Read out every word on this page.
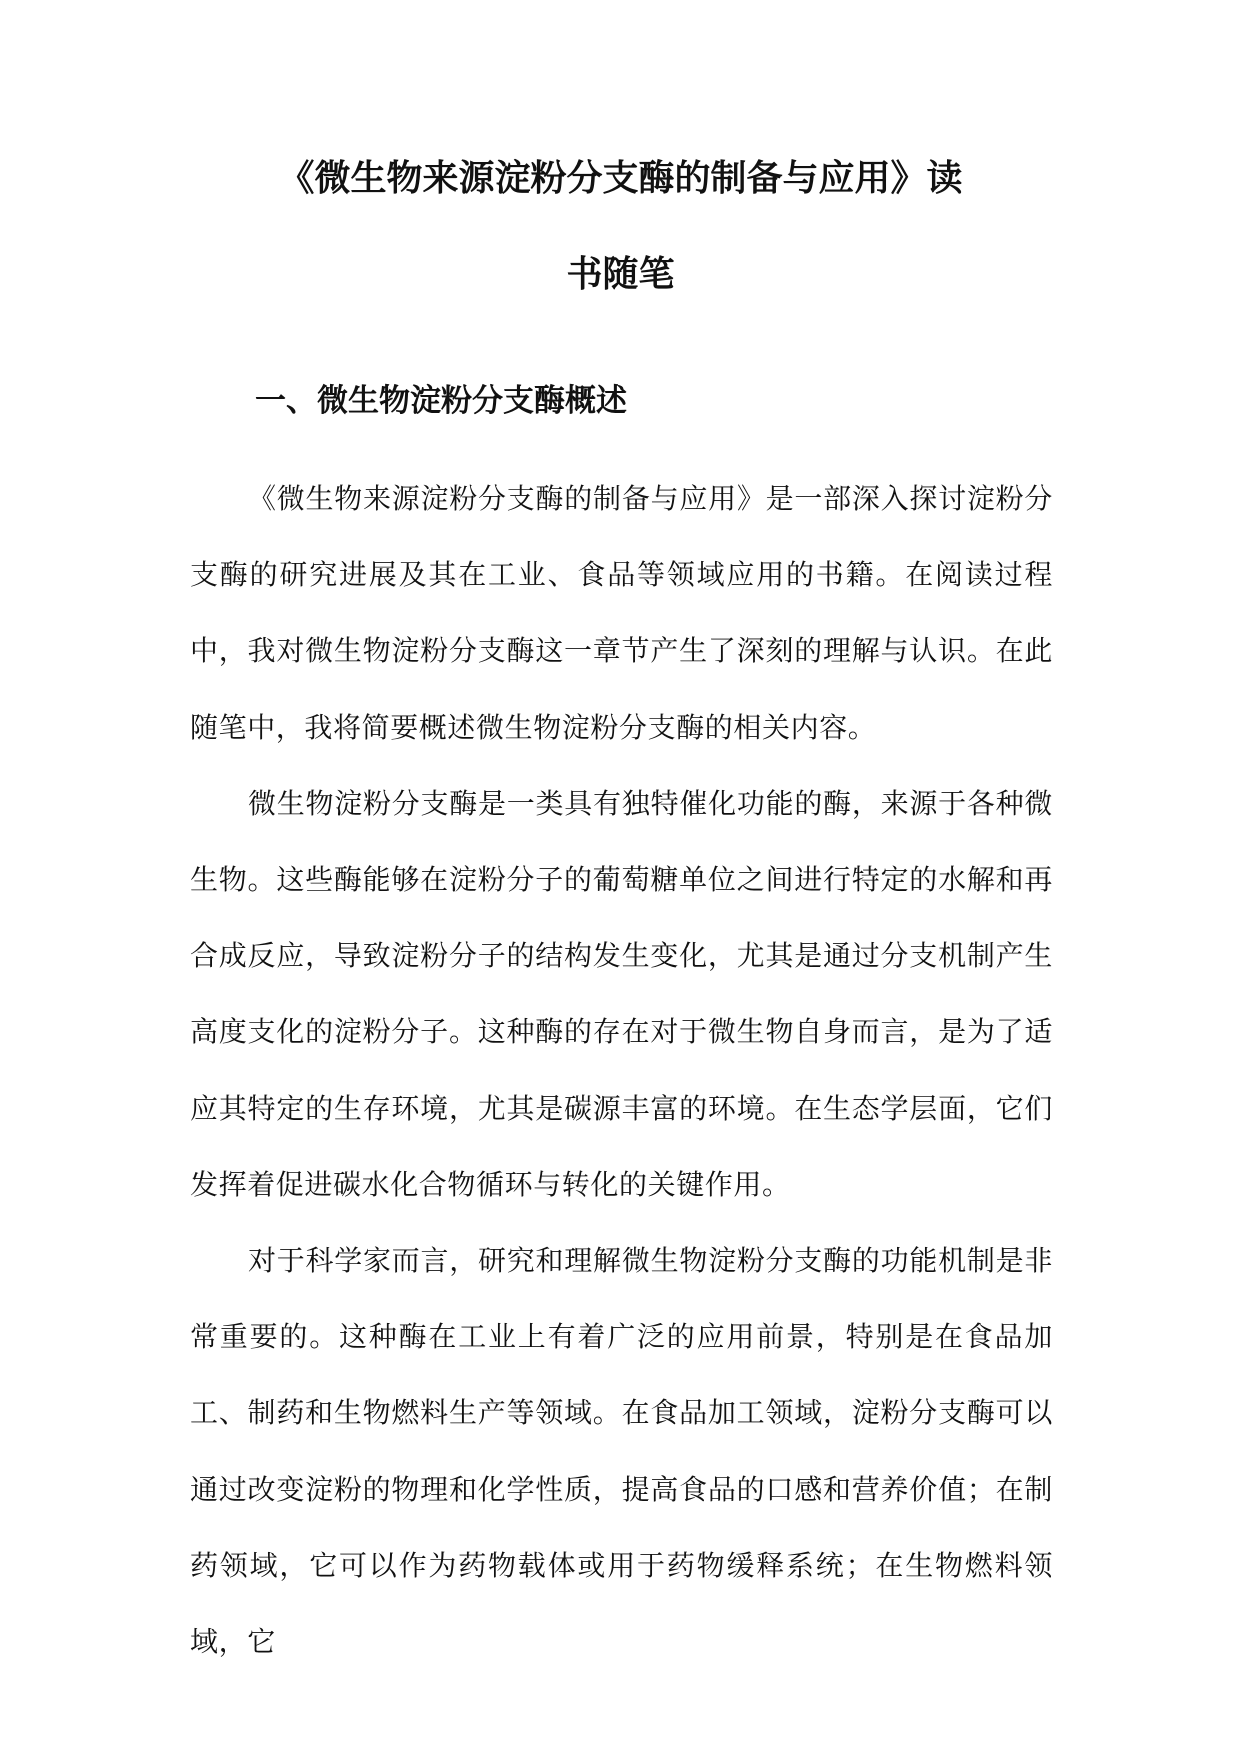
《微生物来源淀粉分支酶的制备与应用》读
书随笔
一、微生物淀粉分支酶概述

《微生物来源淀粉分支酶的制备与应用》是一部深入探讨淀粉分支酶的研究进展及其在工业、食品等领域应用的书籍。在阅读过程中，我对微生物淀粉分支酶这一章节产生了深刻的理解与认识。在此随笔中，我将简要概述微生物淀粉分支酶的相关内容。

微生物淀粉分支酶是一类具有独特催化功能的酶，来源于各种微生物。这些酶能够在淀粉分子的葡萄糖单位之间进行特定的水解和再合成反应，导致淀粉分子的结构发生变化，尤其是通过分支机制产生高度支化的淀粉分子。这种酶的存在对于微生物自身而言，是为了适应其特定的生存环境，尤其是碳源丰富的环境。在生态学层面，它们发挥着促进碳水化合物循环与转化的关键作用。

对于科学家而言，研究和理解微生物淀粉分支酶的功能机制是非常重要的。这种酶在工业上有着广泛的应用前景，特别是在食品加工、制药和生物燃料生产等领域。在食品加工领域，淀粉分支酶可以通过改变淀粉的物理和化学性质，提高食品的口感和营养价值；在制药领域，它可以作为药物载体或用于药物缓释系统；在生物燃料领域，它
